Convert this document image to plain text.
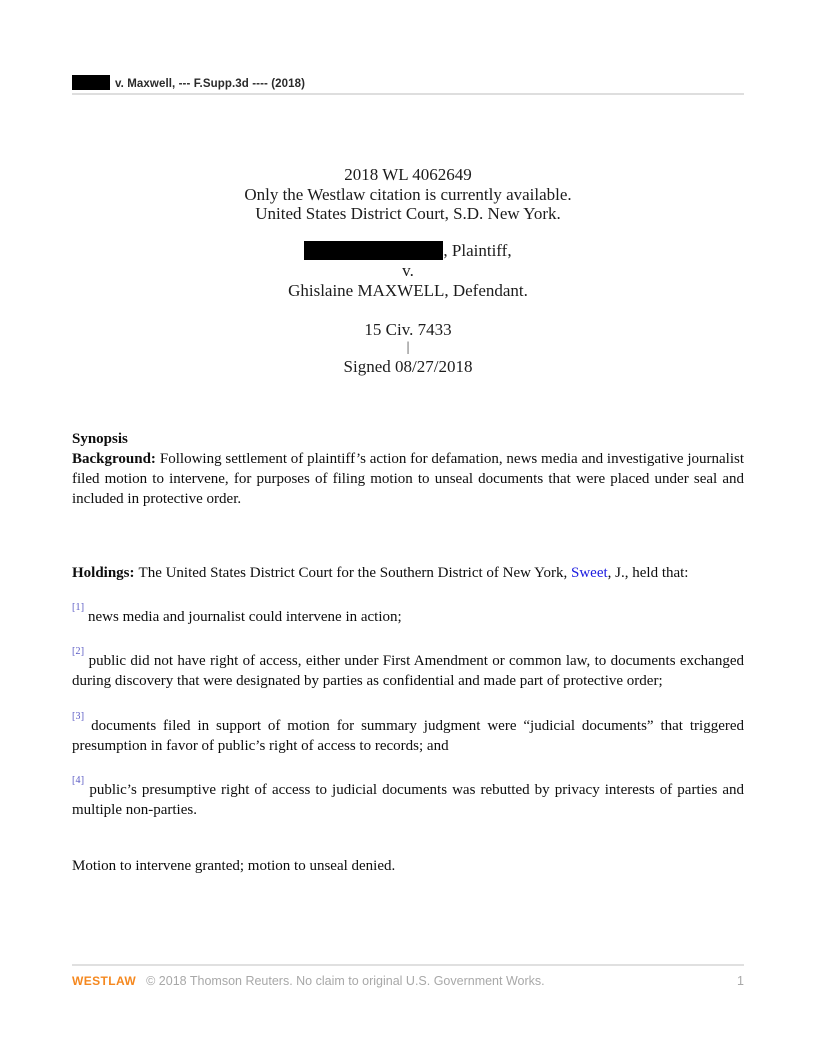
v. Maxwell, --- F.Supp.3d ---- (2018)
2018 WL 4062649
Only the Westlaw citation is currently available.
United States District Court, S.D. New York.
, Plaintiff,
v.
Ghislaine MAXWELL, Defendant.
15 Civ. 7433
|
Signed 08/27/2018
Synopsis
Background: Following settlement of plaintiff’s action for defamation, news media and investigative journalist filed motion to intervene, for purposes of filing motion to unseal documents that were placed under seal and included in protective order.
Holdings: The United States District Court for the Southern District of New York, Sweet, J., held that:
[1] news media and journalist could intervene in action;
[2] public did not have right of access, either under First Amendment or common law, to documents exchanged during discovery that were designated by parties as confidential and made part of protective order;
[3] documents filed in support of motion for summary judgment were “judicial documents” that triggered presumption in favor of public’s right of access to records; and
[4] public’s presumptive right of access to judicial documents was rebutted by privacy interests of parties and multiple non-parties.
Motion to intervene granted; motion to unseal denied.
WESTLAW © 2018 Thomson Reuters. No claim to original U.S. Government Works.	1
